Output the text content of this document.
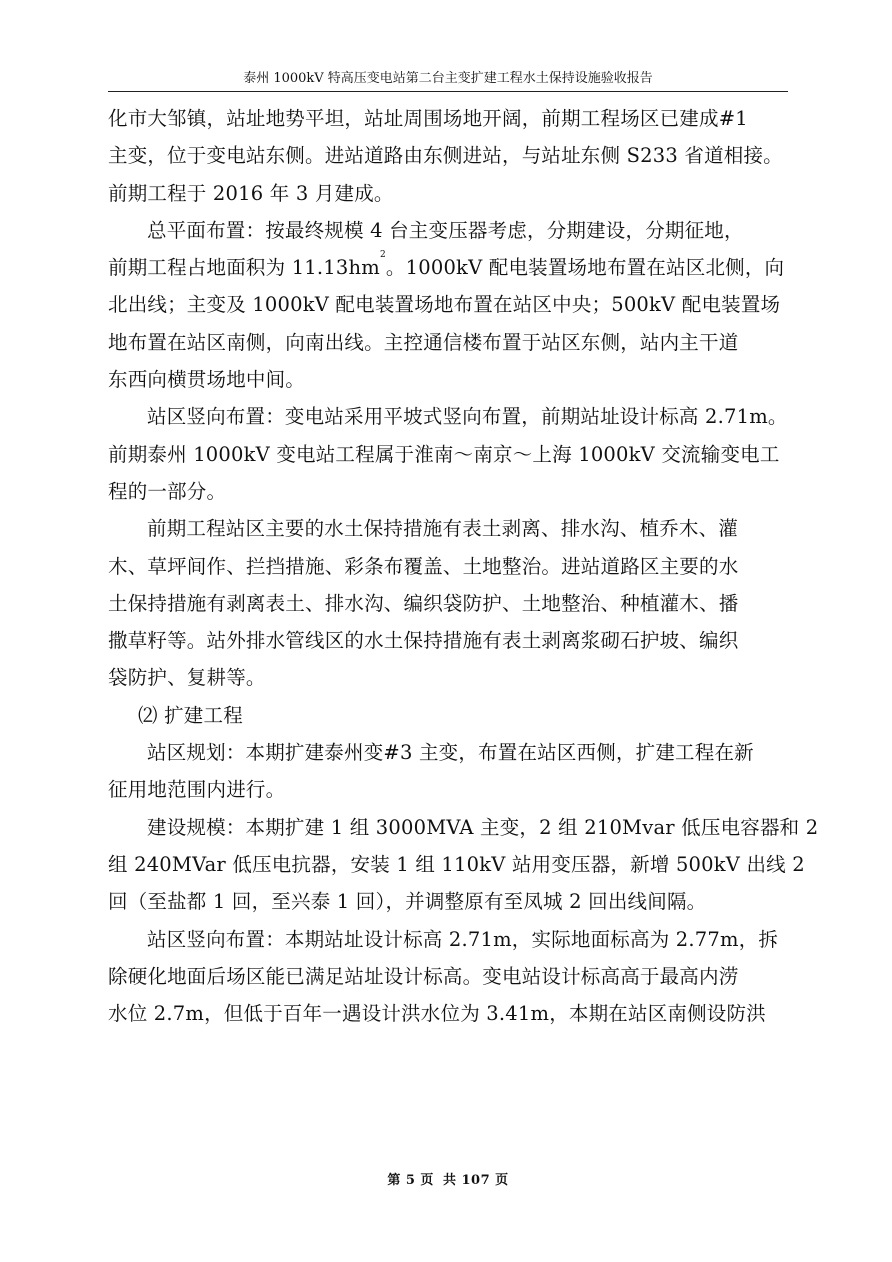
泰州 1000kV 特高压变电站第二台主变扩建工程水土保持设施验收报告
化市大邹镇，站址地势平坦，站址周围场地开阔，前期工程场区已建成#1
主变，位于变电站东侧。进站道路由东侧进站，与站址东侧 S233 省道相接。
前期工程于 2016 年 3 月建成。
总平面布置：按最终规模 4 台主变压器考虑，分期建设，分期征地，
前期工程占地面积为 $11.13hm^2$。1000kV 配电装置场地布置在站区北侧，向
北出线；主变及 1000kV 配电装置场地布置在站区中央；500kV 配电装置场
地布置在站区南侧，向南出线。主控通信楼布置于站区东侧，站内主干道
东西向横贯场地中间。
站区竖向布置：变电站采用平坡式竖向布置，前期站址设计标高 2.71m。
前期泰州 1000kV 变电站工程属于淮南～南京～上海 1000kV 交流输变电工
程的一部分。
前期工程站区主要的水土保持措施有表土剥离、排水沟、植乔木、灌
木、草坪间作、拦挡措施、彩条布覆盖、土地整治。进站道路区主要的水
土保持措施有剥离表土、排水沟、编织袋防护、土地整治、种植灌木、播
撒草籽等。站外排水管线区的水土保持措施有表土剥离浆砌石护坡、编织
袋防护、复耕等。
⑵ 扩建工程
站区规划：本期扩建泰州变#3 主变，布置在站区西侧，扩建工程在新
征用地范围内进行。
建设规模：本期扩建 1 组 3000MVA 主变，2 组 210Mvar 低压电容器和 2
组 240MVar 低压电抗器，安装 1 组 110kV 站用变压器，新增 500kV 出线 2
回（至盐都 1 回，至兴泰 1 回），并调整原有至凤城 2 回出线间隔。
站区竖向布置：本期站址设计标高 2.71m，实际地面标高为 2.77m，拆
除硬化地面后场区能已满足站址设计标高。变电站设计标高高于最高内涝
水位 2.7m，但低于百年一遇设计洪水位为 3.41m，本期在站区南侧设防洪
第 5 页 共 107 页
